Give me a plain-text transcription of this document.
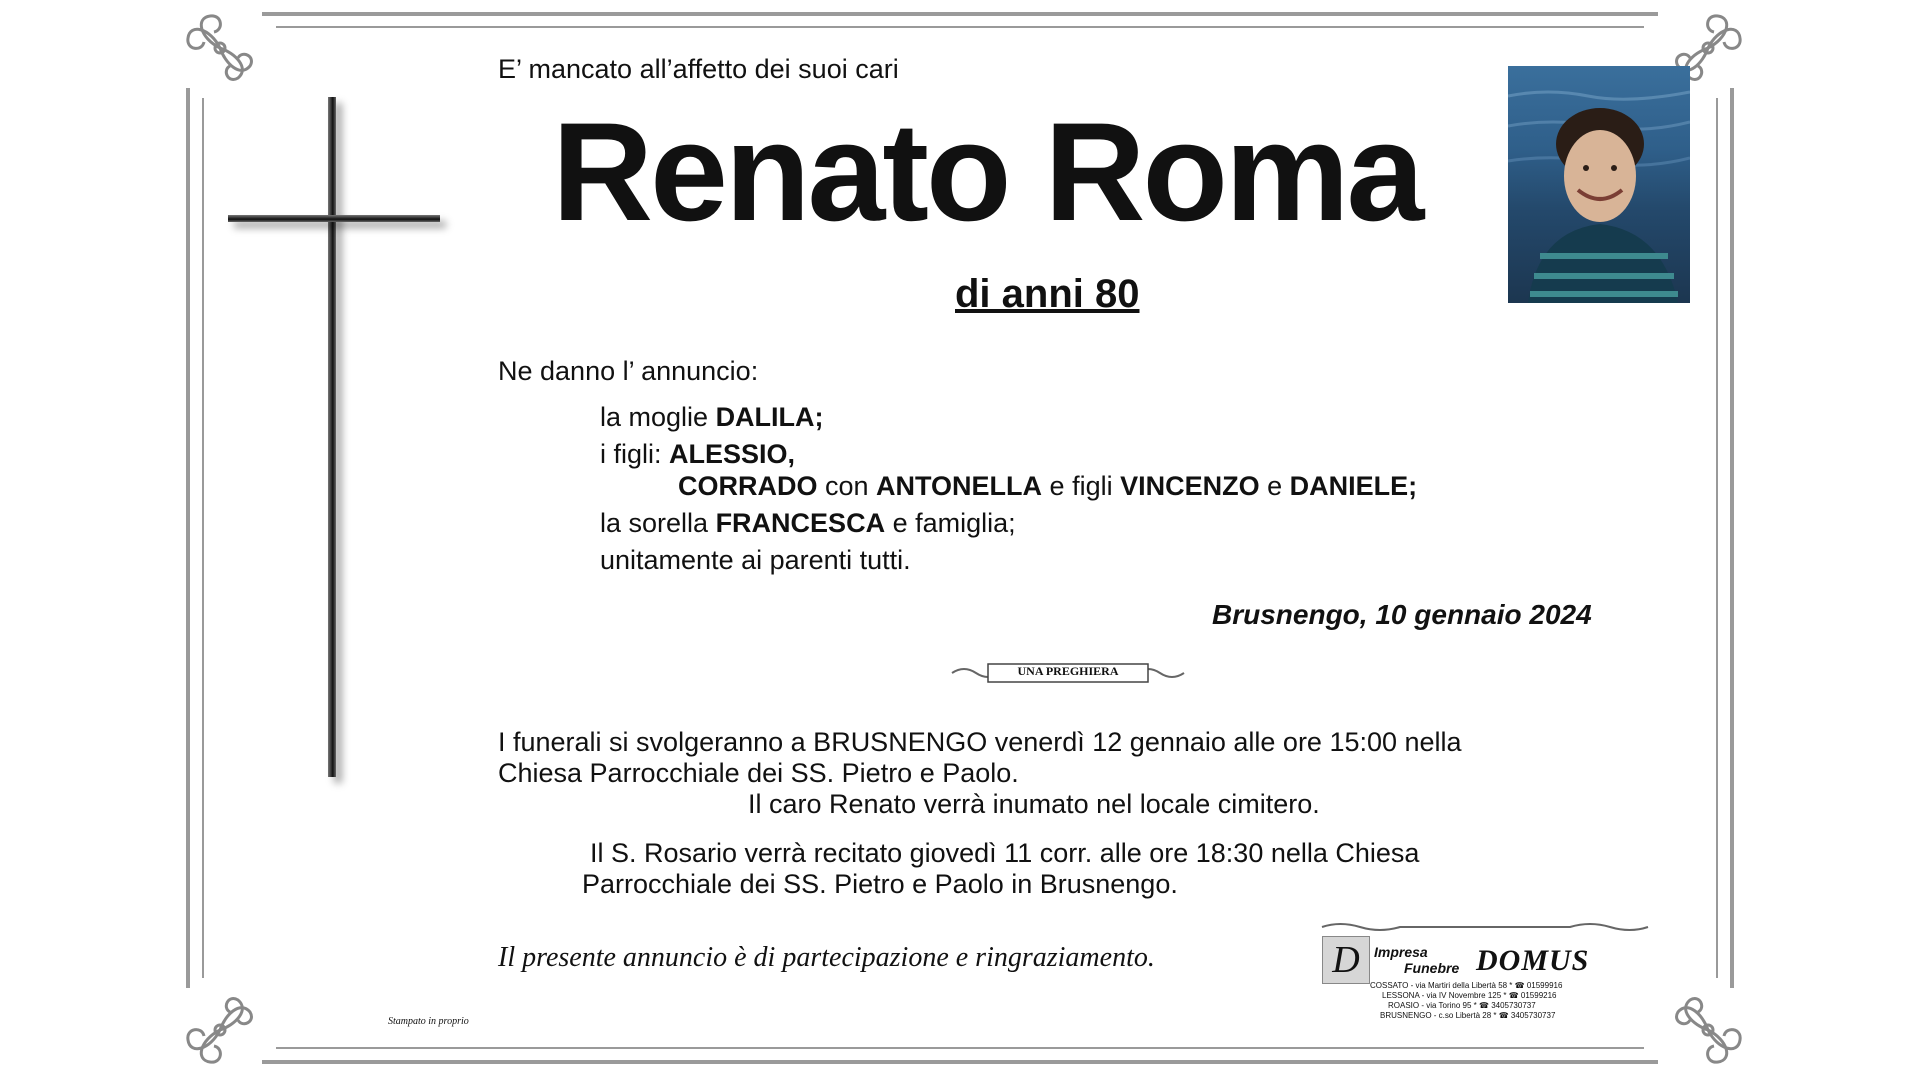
E’ mancato all’affetto dei suoi cari
Renato Roma
di anni 80
Ne danno l’ annuncio:
la moglie DALILA;
i figli: ALESSIO,
CORRADO con ANTONELLA e figli VINCENZO e DANIELE;
la sorella FRANCESCA e famiglia;
unitamente ai parenti tutti.
Brusnengo, 10 gennaio 2024
UNA PREGHIERA
I funerali si svolgeranno a BRUSNENGO venerdì 12 gennaio alle ore 15:00 nella
Chiesa Parrocchiale dei SS. Pietro e Paolo.
Il caro Renato verrà inumato nel locale cimitero.
Il S. Rosario verrà recitato giovedì 11 corr. alle ore 18:30 nella Chiesa
Parrocchiale dei SS. Pietro e Paolo in Brusnengo.
Il presente annuncio è di partecipazione e ringraziamento.
Stampato in proprio
D	Impresa
Funebre DOMUS
COSSATO - via Martiri della Libertà 58 * ☎ 01599916
LESSONA - via IV Novembre 125 * ☎ 01599216
ROASIO - via Torino 95 * ☎ 3405730737
BRUSNENGO - c.so Libertà 28 * ☎ 3405730737
